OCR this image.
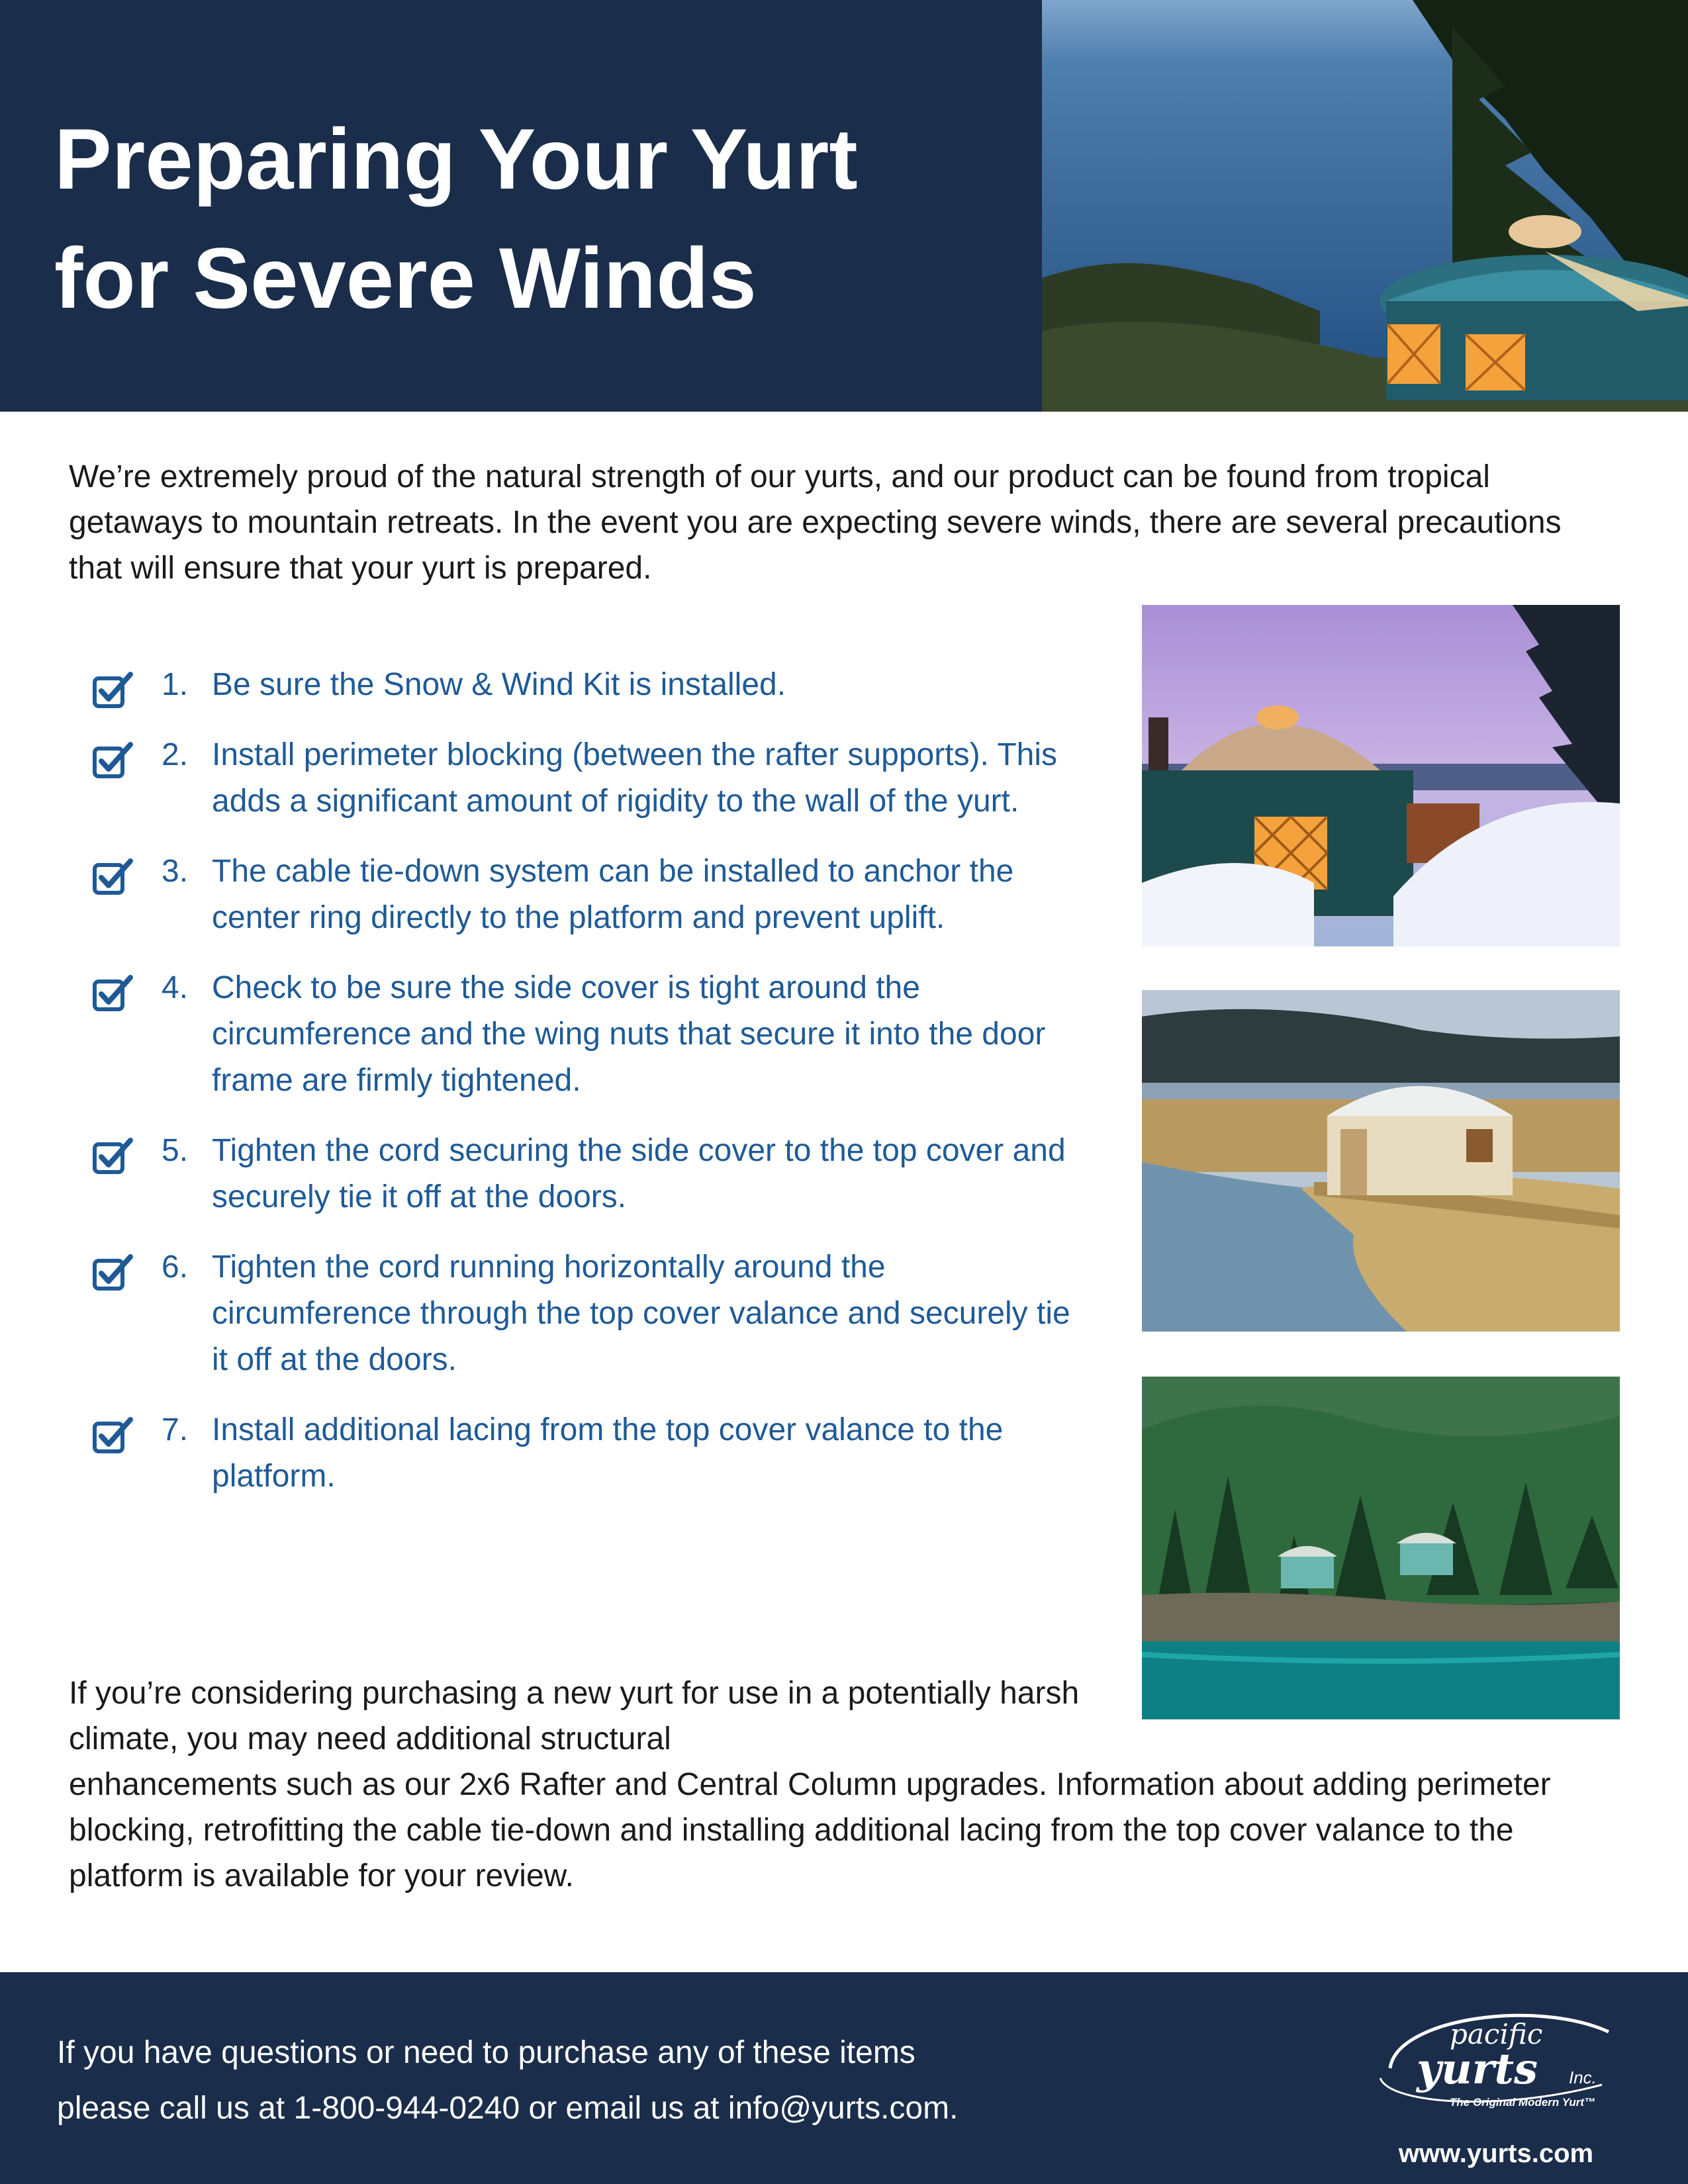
Preparing Your Yurt
for Severe Winds

We’re extremely proud of the natural strength of our yurts, and our product can be found from tropical getaways to mountain retreats. In the event you are expecting severe winds, there are several precautions that will ensure that your yurt is prepared.

1. Be sure the Snow & Wind Kit is installed.
2. Install perimeter blocking (between the rafter supports). This adds a significant amount of rigidity to the wall of the yurt.
3. The cable tie-down system can be installed to anchor the center ring directly to the platform and prevent uplift.
4. Check to be sure the side cover is tight around the circumference and the wing nuts that secure it into the door frame are firmly tightened.
5. Tighten the cord securing the side cover to the top cover and securely tie it off at the doors.
6. Tighten the cord running horizontally around the circumference through the top cover valance and securely tie it off at the doors.
7. Install additional lacing from the top cover valance to the platform.

If you’re considering purchasing a new yurt for use in a potentially harsh climate, you may need additional structural
enhancements such as our 2x6 Rafter and Central Column upgrades. Information about adding perimeter blocking, retrofitting the cable tie-down and installing additional lacing from the top cover valance to the platform is available for your review.

If you have questions or need to purchase any of these items
please call us at 1-800-944-0240 or email us at info@yurts.com.

pacific
yurts Inc.
The Original Modern Yurt™
www.yurts.com
